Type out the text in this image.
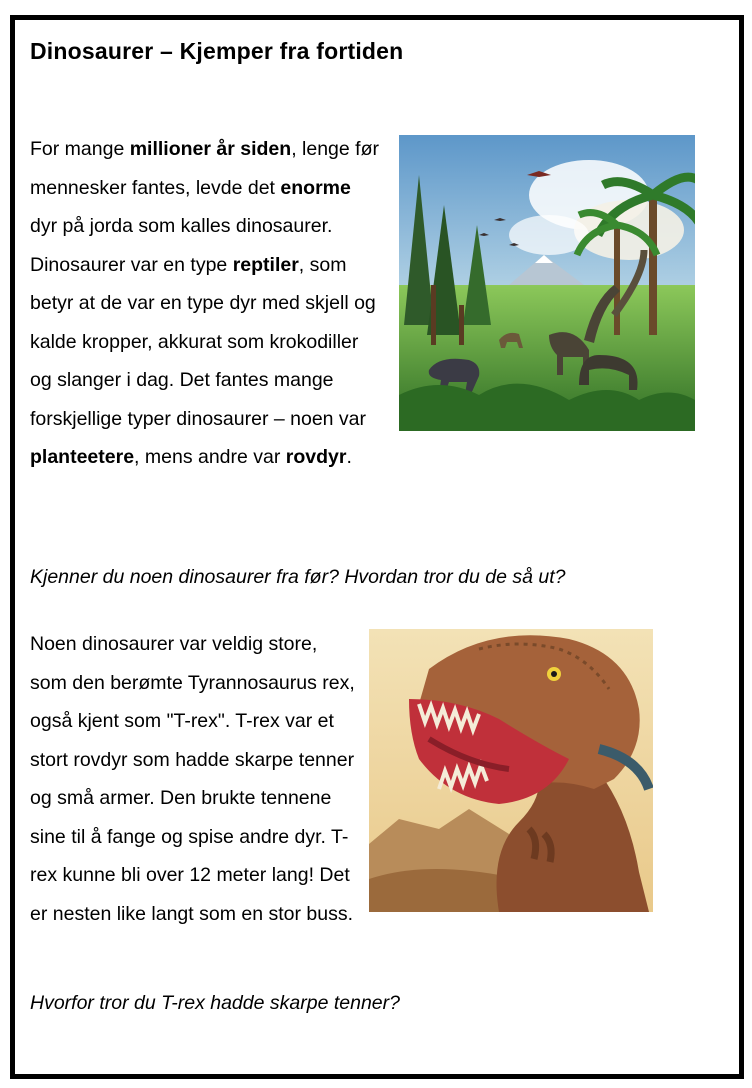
Dinosaurer – Kjemper fra fortiden
For mange millioner år siden, lenge før mennesker fantes, levde det enorme dyr på jorda som kalles dinosaurer. Dinosaurer var en type reptiler, som betyr at de var en type dyr med skjell og kalde kropper, akkurat som krokodiller og slanger i dag. Det fantes mange forskjellige typer dinosaurer – noen var planteetere, mens andre var rovdyr.

Kjenner du noen dinosaurer fra før? Hvordan tror du de så ut?

Noen dinosaurer var veldig store, som den berømte Tyrannosaurus rex, også kjent som "T-rex". T-rex var et stort rovdyr som hadde skarpe tenner og små armer. Den brukte tennene sine til å fange og spise andre dyr. T-rex kunne bli over 12 meter lang! Det er nesten like langt som en stor buss.

Hvorfor tror du T-rex hadde skarpe tenner?
